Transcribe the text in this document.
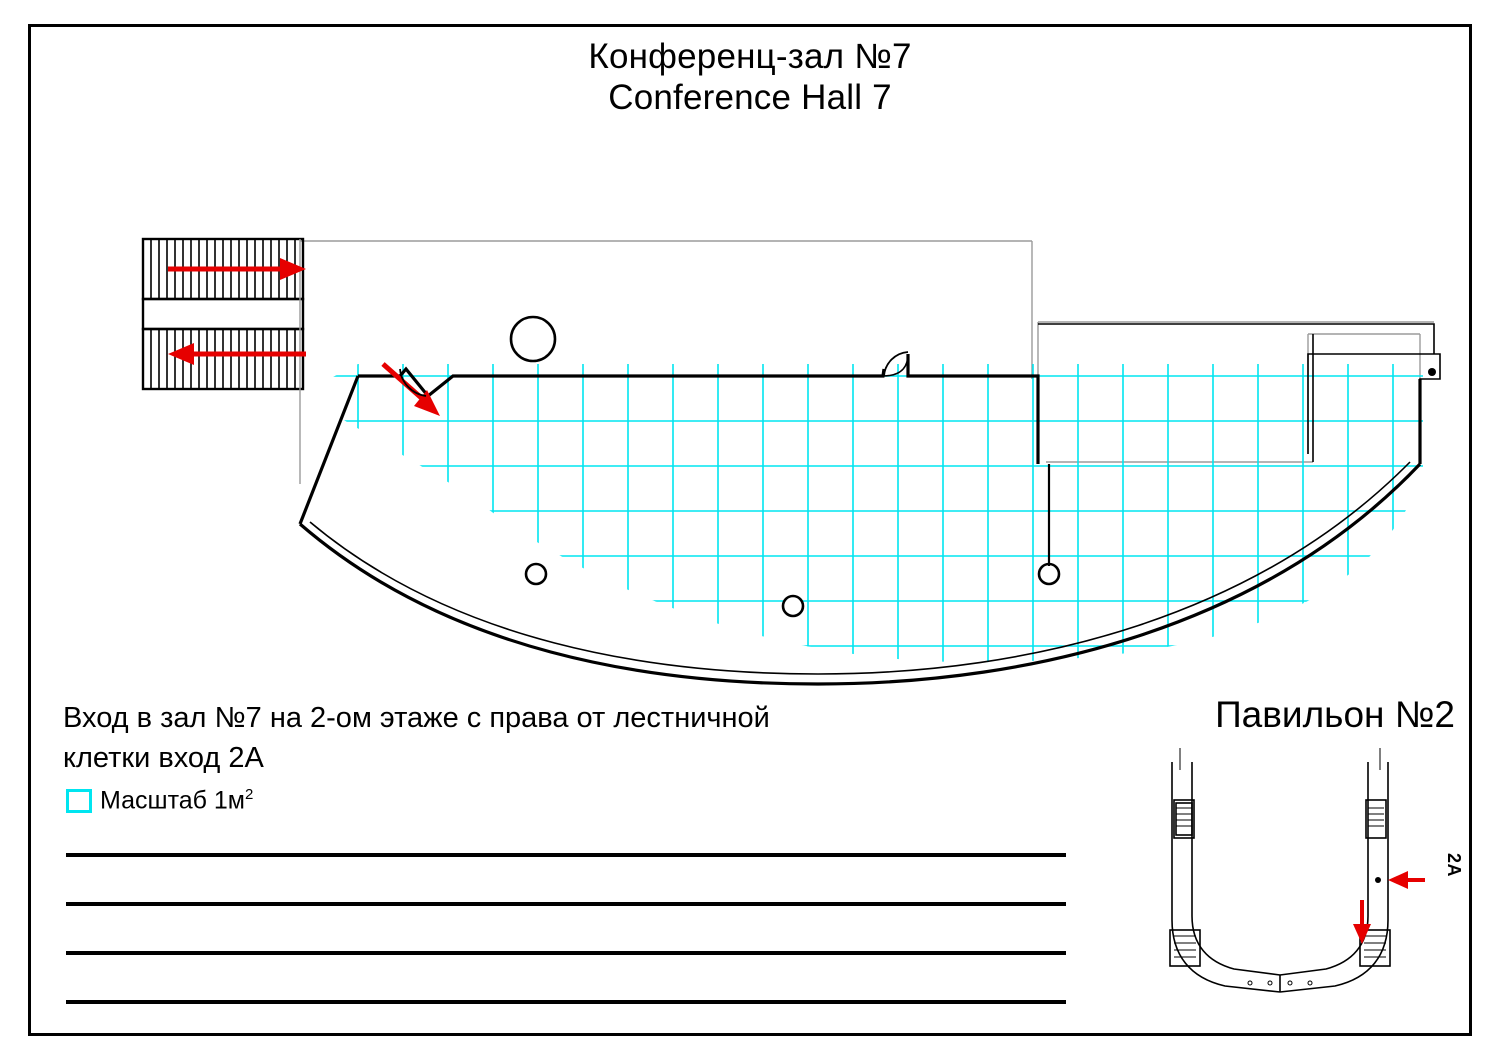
Конференц-зал №7
Conference Hall 7
Вход в зал №7 на 2-ом этаже с права от лестничной
клетки вход 2А
Масштаб $1м^2$
Павильон №2
2А
